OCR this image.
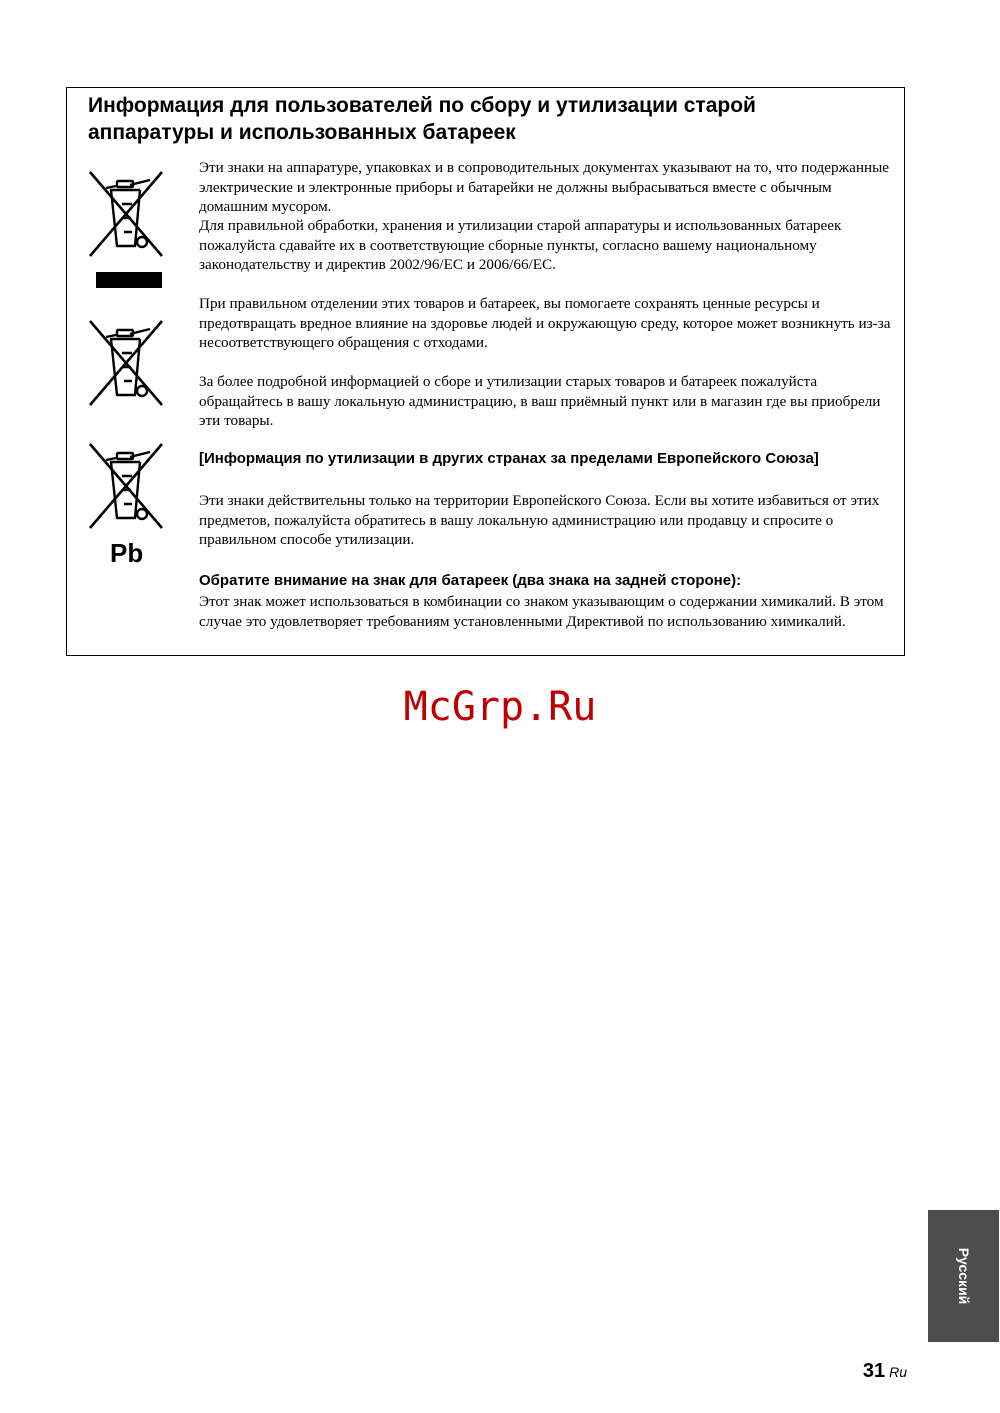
Информация для пользователей по сбору и утилизации старой
аппаратуры и использованных батареек
Pb

Эти знаки на аппаратуре, упаковках и в сопроводительных документах указывают на то, что подержанные электрические и электронные приборы и батарейки не должны выбрасываться вместе с обычным домашним мусором.

Для правильной обработки, хранения и утилизации старой аппаратуры и использованных батареек пожалуйста сдавайте их в соответствующие сборные пункты, согласно вашему национальному законодательству и директив 2002/96/EC и 2006/66/EC.

При правильном отделении этих товаров и батареек, вы помогаете сохранять ценные ресурсы и предотвращать вредное влияние на здоровье людей и окружающую среду, которое может возникнуть из-за несоответствующего обращения с отходами.

За более подробной информацией о сборе и утилизации старых товаров и батареек пожалуйста обращайтесь в вашу локальную администрацию, в ваш приёмный пункт или в магазин где вы приобрели эти товары.

[Информация по утилизации в других странах за пределами Европейского Союза]

Эти знаки действительны только на территории Европейского Союза. Если вы хотите избавиться от этих предметов, пожалуйста обратитесь в вашу локальную администрацию или продавцу и спросите о правильном способе утилизации.

Обратите внимание на знак для батареек (два знака на задней стороне):

Этот знак может использоваться в комбинации со знаком указывающим о содержании химикалий. В этом случае это удовлетворяет требованиям установленными Директивой по использованию химикалий.

McGrp.Ru
Русский
31 Ru
